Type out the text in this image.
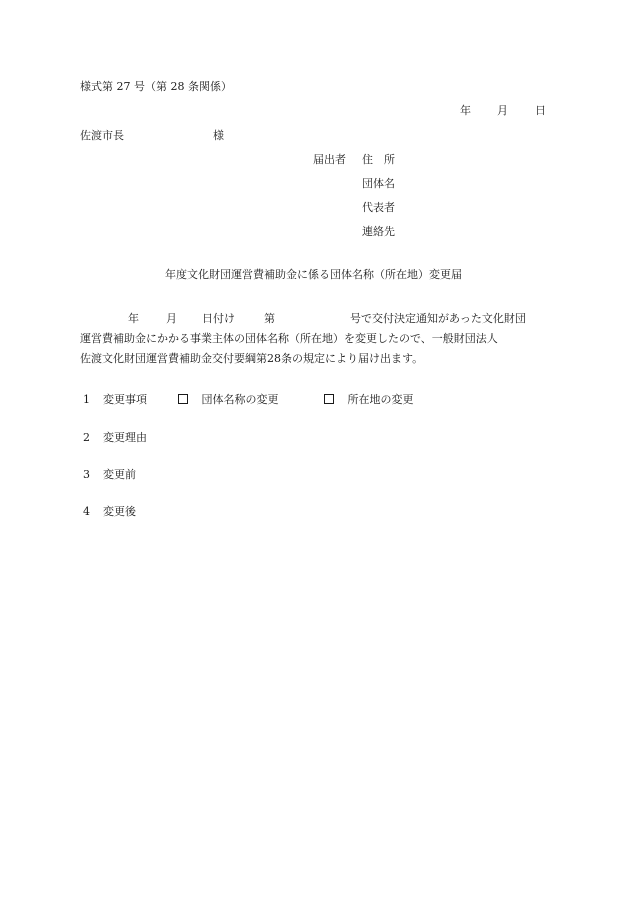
様式第 27 号（第 28 条関係）
年 月 日
佐渡市長	様
届出者 住　所
団体名
代表者
連絡先
年度文化財団運営費補助金に係る団体名称（所在地）変更届
年 月 日付け	第	号で交付決定通知があった文化財団
運営費補助金にかかる事業主体の団体名称（所在地）を変更したので、一般財団法人
佐渡文化財団運営費補助金交付要綱第28条の規定により届け出ます。
1 変更事項	団体名称の変更	所在地の変更
2 変更理由
3 変更前
4 変更後
